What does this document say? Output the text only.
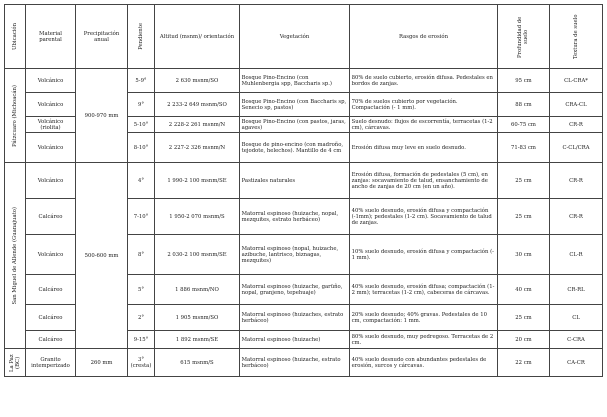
Ubicación	Material parental	Precipitación anual	Pendiente	Altitud (msnm)/ orientación	Vegetación	Rasgos de erosión	Profundidad de suelo	Textura de suelo

Pátzcuaro (Michoacán)	Volcánico	900-970 mm	5-9°	2 630 msnm/SO	Bosque Pino-Encino (con Muhlenbergia spp, Baccharis sp.)	80% de suelo cubierto, erosión difusa. Pedestales en bordos de zanjas.	95 cm	CL-CRA*
	Volcánico		9°	2 233-2 649 msnm/SO	Bosque Pino-Encino (con Baccharis sp, Senecio sp, pastos)	70% de suelos cubierto por vegetación. Compactación (- 1 mm).	88 cm	CRA-CL
	Volcánico (riolita)		5-10°	2 228-2 261 msnm/N	Bosque Pino-Encino (con pastos, jaras, agaves)	Suelo desnudo: flujos de escorrentía, terracetas (1-2 cm), cárcavas.	60-75 cm	CR-R
	Volcánico		8-10°	2 227-2 326 msnm/N	Bosque de pino-encino (con madroño, tejodote, helechos). Mantillo de 4 cm	Erosión difusa muy leve en suelo desnudo.	71-83 cm	C-CL/CRA

San Miguel de Allende (Guanajuato)	Volcánico	500-600 mm	4°	1 990-2 100 msnm/SE	Pastizales naturales	Erosión difusa, formación de pedestales (5 cm), en zanjas: socavamiento de talud, ensanchamiento de ancho de zanjas de 20 cm (en un año).	25 cm	CR-R
	Calcáreo		7-10°	1 950-2 070 msnm/S	Matorral espinoso (huizache, nopal, mezquites, estrato herbáceo)	40% suelo desnudo, erosión difusa y compactación (-1mm); pedestales (1-2 cm). Socavamiento de talud de zanjas.	25 cm	CR-R
	Volcánico		8°	2 030-2 100 msnm/SE	Matorral espinoso (nopal, huizache, azibuche, lantrisco, biznagas, mezquites)	10% suelo desnudo, erosión difusa y compactación (- 1 mm).	30 cm	CL-R
	Calcáreo		5°	1 886 msnm/NO	Matorral espinoso (huizache, garüño, nopal, granjeno, tepehuaje)	40% suelo desnudo, erosión difusa; compactación (1-2 mm); terracetas (1-2 cm), cabeceras de cárcavas.	40 cm	CR-RL
	Calcáreo		2°	1 905 msnm/SO	Matorral espinoso (huizaches, estrato herbáceo)	20% suelo desnudo; 40% gravas. Pedestales de 10 cm, compactación: 1 mm.	25 cm	CL
	Calcáreo		9-15°	1 892 msnm/SE	Matorral espinoso (huizache)	80% suelo desnudo, muy pedregoso. Terracetas de 2 cm.	20 cm	C-CRA

La Paz (BC)	Granito intemperizado	260 mm	3° (cresta)	615 msnm/S	Matorral espinoso (huizache, estrato herbáceo)	40% suelo desnudo con abundantes pedestales de erosión, surcos y cárcavas.	22 cm	CA-CR
